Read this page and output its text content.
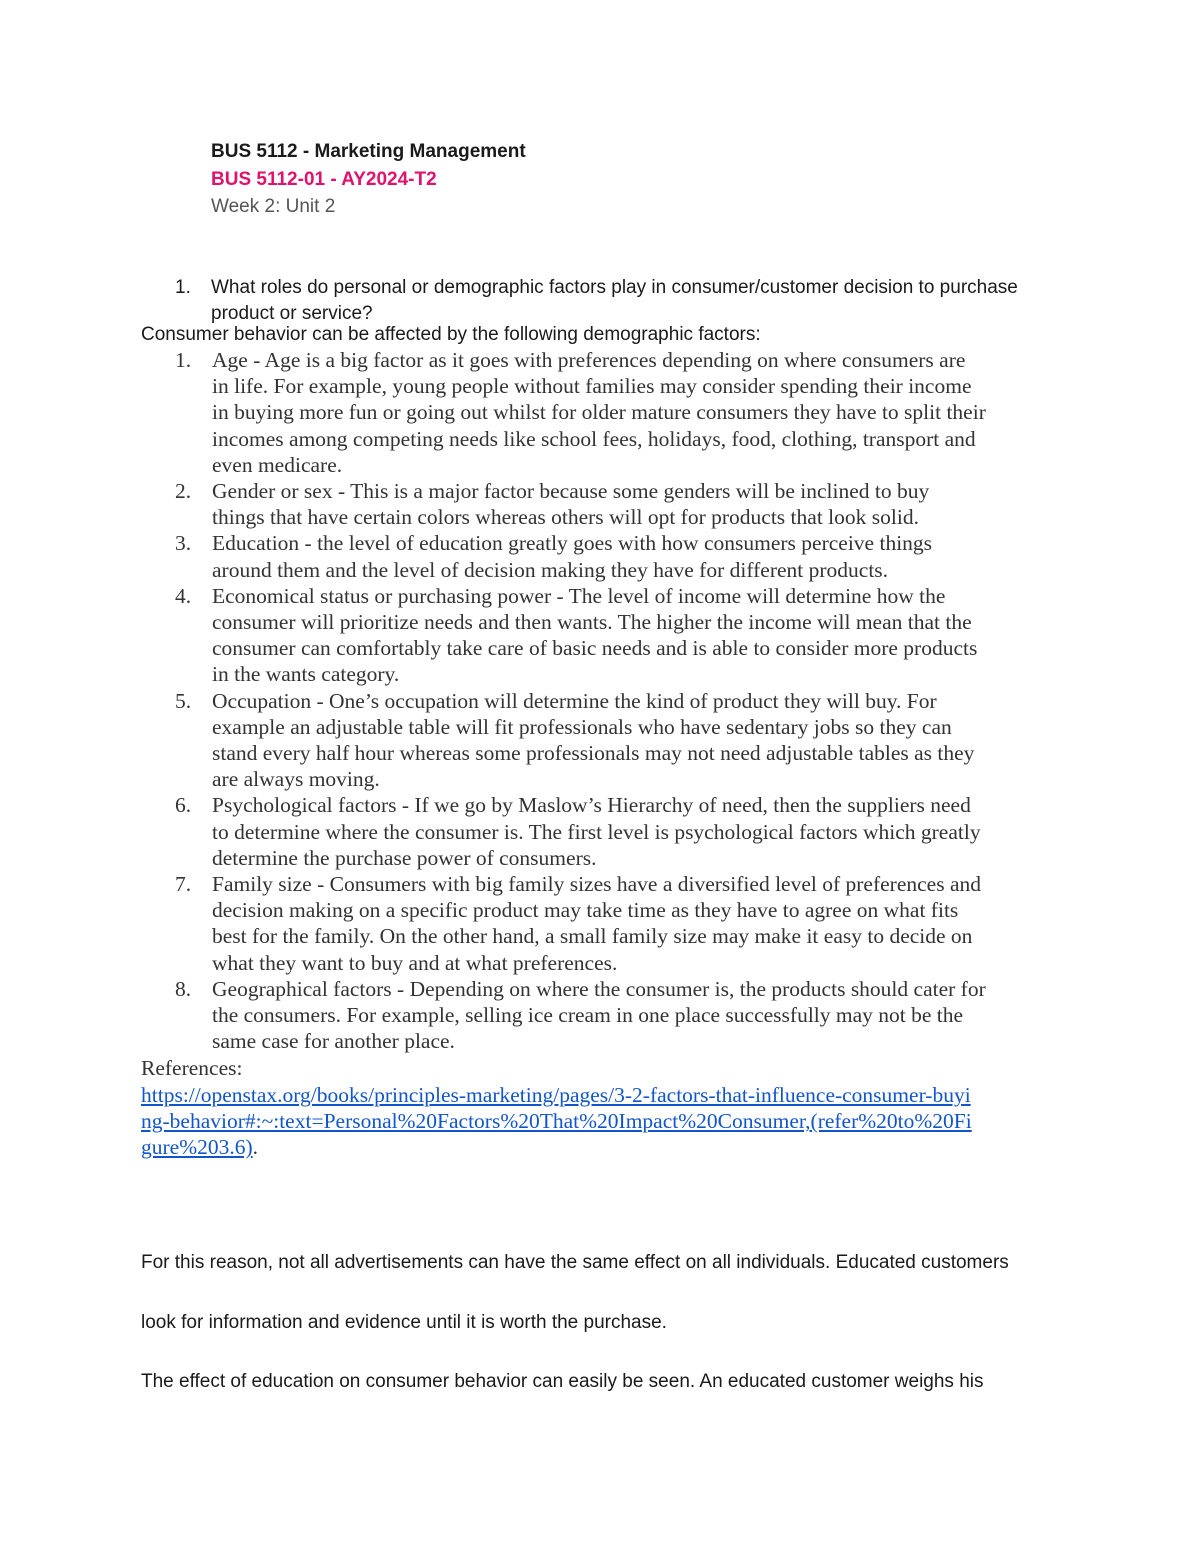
BUS 5112 - Marketing Management
BUS 5112-01 - AY2024-T2
Week 2: Unit 2
1. What roles do personal or demographic factors play in consumer/customer decision to purchase
product or service?
Consumer behavior can be affected by the following demographic factors:
1. Age - Age is a big factor as it goes with preferences depending on where consumers are
in life. For example, young people without families may consider spending their income
in buying more fun or going out whilst for older mature consumers they have to split their
incomes among competing needs like school fees, holidays, food, clothing, transport and
even medicare.
2. Gender or sex - This is a major factor because some genders will be inclined to buy
things that have certain colors whereas others will opt for products that look solid.
3. Education - the level of education greatly goes with how consumers perceive things
around them and the level of decision making they have for different products.
4. Economical status or purchasing power - The level of income will determine how the
consumer will prioritize needs and then wants. The higher the income will mean that the
consumer can comfortably take care of basic needs and is able to consider more products
in the wants category.
5. Occupation - One’s occupation will determine the kind of product they will buy. For
example an adjustable table will fit professionals who have sedentary jobs so they can
stand every half hour whereas some professionals may not need adjustable tables as they
are always moving.
6. Psychological factors - If we go by Maslow’s Hierarchy of need, then the suppliers need
to determine where the consumer is. The first level is psychological factors which greatly
determine the purchase power of consumers.
7. Family size - Consumers with big family sizes have a diversified level of preferences and
decision making on a specific product may take time as they have to agree on what fits
best for the family. On the other hand, a small family size may make it easy to decide on
what they want to buy and at what preferences.
8. Geographical factors - Depending on where the consumer is, the products should cater for
the consumers. For example, selling ice cream in one place successfully may not be the
same case for another place.
References:
https://openstax.org/books/principles-marketing/pages/3-2-factors-that-influence-consumer-buyi
ng-behavior#:~:text=Personal%20Factors%20That%20Impact%20Consumer,(refer%20to%20Fi
gure%203.6).
For this reason, not all advertisements can have the same effect on all individuals. Educated customers
look for information and evidence until it is worth the purchase.
The effect of education on consumer behavior can easily be seen. An educated customer weighs his
